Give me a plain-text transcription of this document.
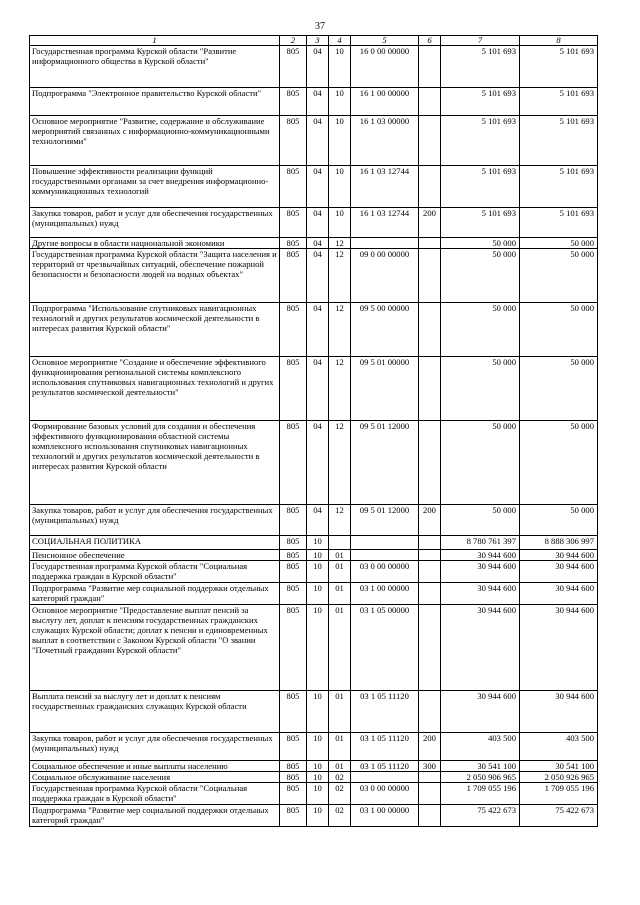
37
1	2	3	4	5	6	7	8
Государственная программа Курской области "Развитие информационного общества в Курской области"	805	04	10	16 0 00 00000		5 101 693	5 101 693
Подпрограмма "Электронное правительство Курской области"	805	04	10	16 1 00 00000		5 101 693	5 101 693
Основное мероприятие "Развитие, содержание и обслуживание мероприятий связанных с информационно-коммуникационными технологиями"	805	04	10	16 1 03 00000		5 101 693	5 101 693
Повышение эффективности реализации функций государственными органами за счет внедрения информационно-коммуникационных технологий	805	04	10	16 1 03 12744		5 101 693	5 101 693
Закупка товаров, работ и услуг для обеспечения государственных (муниципальных) нужд	805	04	10	16 1 03 12744	200	5 101 693	5 101 693
Другие вопросы в области национальной экономики	805	04	12			50 000	50 000
Государственная программа Курской области "Защита населения и территорий от чрезвычайных ситуаций, обеспечение пожарной безопасности и безопасности людей на водных объектах"	805	04	12	09 0 00 00000		50 000	50 000
Подпрограмма "Использование спутниковых навигационных технологий и других результатов космической деятельности в интересах развития Курской области"	805	04	12	09 5 00 00000		50 000	50 000
Основное мероприятие "Создание и обеспечение эффективного функционирования региональной системы комплексного использования спутниковых навигационных технологий и других результатов космической деятельности"	805	04	12	09 5 01 00000		50 000	50 000
Формирование базовых условий для создания и обеспечения эффективного функционирования областной системы комплексного использования спутниковых навигационных технологий и других результатов космической деятельности в интересах развития Курской области	805	04	12	09 5 01 12000		50 000	50 000
Закупка товаров, работ и услуг для обеспечения государственных (муниципальных) нужд	805	04	12	09 5 01 12000	200	50 000	50 000
СОЦИАЛЬНАЯ ПОЛИТИКА	805	10				8 780 761 397	8 888 306 997
Пенсионное обеспечение	805	10	01			30 944 600	30 944 600
Государственная программа Курской области "Социальная поддержка граждан в Курской области"	805	10	01	03 0 00 00000		30 944 600	30 944 600
Подпрограмма "Развитие мер социальной поддержки отдельных категорий граждан"	805	10	01	03 1 00 00000		30 944 600	30 944 600
Основное мероприятие "Предоставление выплат пенсий за выслугу лет, доплат к пенсиям государственных гражданских служащих Курской области; доплат к пенсии и единовременных выплат в соответствии с Законом Курской области "О звании "Почетный гражданин Курской области"	805	10	01	03 1 05 00000		30 944 600	30 944 600
Выплата пенсий за выслугу лет и доплат к пенсиям государственных гражданских служащих Курской области	805	10	01	03 1 05 11120		30 944 600	30 944 600
Закупка товаров, работ и услуг для обеспечения государственных (муниципальных) нужд	805	10	01	03 1 05 11120	200	403 500	403 500
Социальное обеспечение и иные выплаты населению	805	10	01	03 1 05 11120	300	30 541 100	30 541 100
Социальное обслуживание населения	805	10	02			2 050 906 965	2 050 926 965
Государственная программа Курской области "Социальная поддержка граждан в Курской области"	805	10	02	03 0 00 00000		1 709 055 196	1 709 055 196
Подпрограмма "Развитие мер социальной поддержки отдельных категорий граждан"	805	10	02	03 1 00 00000		75 422 673	75 422 673
